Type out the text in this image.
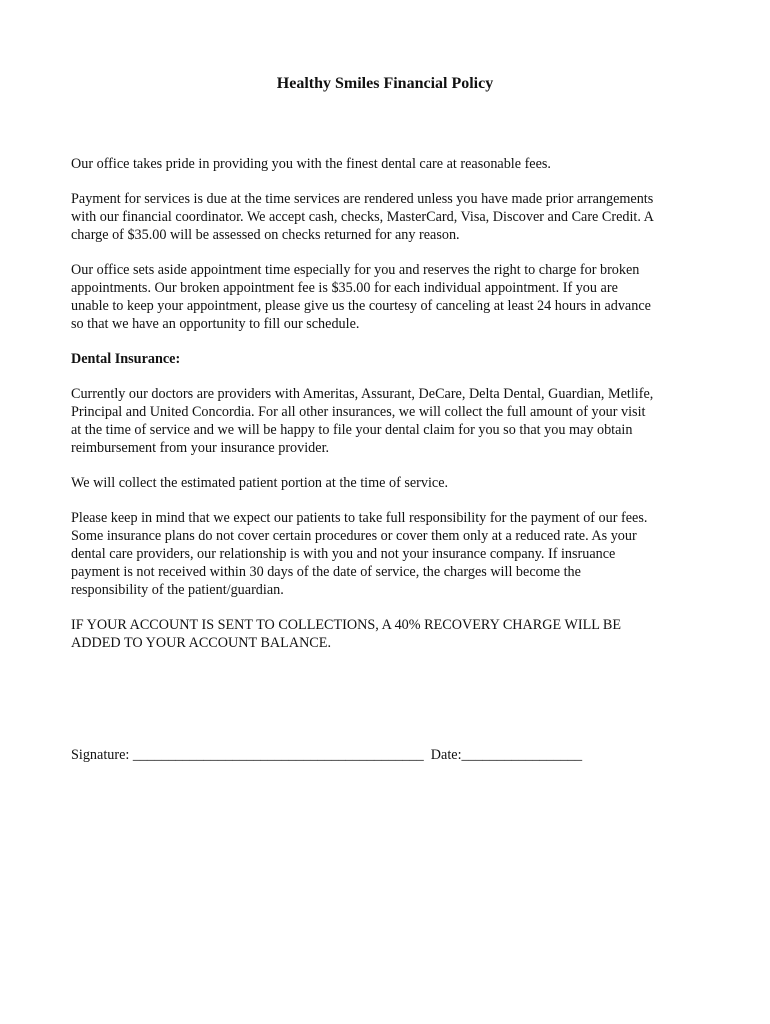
Healthy Smiles Financial Policy

Our office takes pride in providing you with the finest dental care at reasonable fees.

Payment for services is due at the time services are rendered unless you have made prior arrangements
with our financial coordinator. We accept cash, checks, MasterCard, Visa, Discover and Care Credit. A
charge of $35.00 will be assessed on checks returned for any reason.

Our office sets aside appointment time especially for you and reserves the right to charge for broken
appointments. Our broken appointment fee is $35.00 for each individual appointment. If you are
unable to keep your appointment, please give us the courtesy of canceling at least 24 hours in advance
so that we have an opportunity to fill our schedule.

Dental Insurance:

Currently our doctors are providers with Ameritas, Assurant, DeCare, Delta Dental, Guardian, Metlife,
Principal and United Concordia. For all other insurances, we will collect the full amount of your visit
at the time of service and we will be happy to file your dental claim for you so that you may obtain
reimbursement from your insurance provider.

We will collect the estimated patient portion at the time of service.

Please keep in mind that we expect our patients to take full responsibility for the payment of our fees.
Some insurance plans do not cover certain procedures or cover them only at a reduced rate. As your
dental care providers, our relationship is with you and not your insurance company. If insruance
payment is not received within 30 days of the date of service, the charges will become the
responsibility of the patient/guardian.

IF YOUR ACCOUNT IS SENT TO COLLECTIONS, A 40% RECOVERY CHARGE WILL BE
ADDED TO YOUR ACCOUNT BALANCE.

Signature: _________________________________________  Date:_________________
